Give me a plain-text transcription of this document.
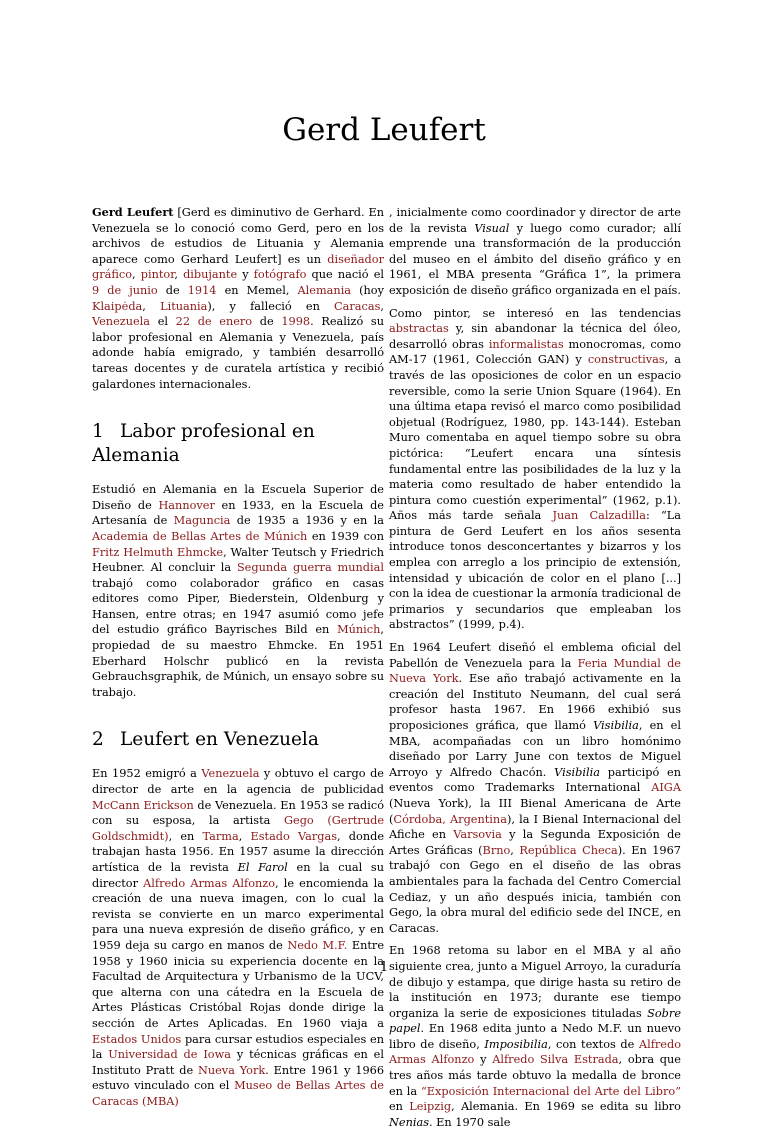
Gerd Leufert

Gerd Leufert [Gerd es diminutivo de Gerhard. En Venezuela se lo conoció como Gerd, pero en los archivos de estudios de Lituania y Alemania aparece como Gerhard Leufert] es un diseñador gráfico, pintor, dibujante y fotógrafo que nació el 9 de junio de 1914 en Memel, Alemania (hoy Klaipėda, Lituania), y falleció en Caracas, Venezuela el 22 de enero de 1998. Realizó su labor profesional en Alemania y Venezuela, país adonde había emigrado, y también desarrolló tareas docentes y de curatela artística y recibió galardones internacionales.

1 Labor profesional en Alemania

Estudió en Alemania en la Escuela Superior de Diseño de Hannover en 1933, en la Escuela de Artesanía de Maguncia de 1935 a 1936 y en la Academia de Bellas Artes de Múnich en 1939 con Fritz Helmuth Ehmcke, Walter Teutsch y Friedrich Heubner. Al concluir la Segunda guerra mundial trabajó como colaborador gráfico en casas editores como Piper, Biederstein, Oldenburg y Hansen, entre otras; en 1947 asumió como jefe del estudio gráfico Bayrisches Bild en Múnich, propiedad de su maestro Ehmcke. En 1951 Eberhard Holschr publicó en la revista Gebrauchsgraphik, de Múnich, un ensayo sobre su trabajo.

2 Leufert en Venezuela

En 1952 emigró a Venezuela y obtuvo el cargo de director de arte en la agencia de publicidad McCann Erickson de Venezuela. En 1953 se radicó con su esposa, la artista Gego (Gertrude Goldschmidt), en Tarma, Estado Vargas, donde trabajan hasta 1956. En 1957 asume la dirección artística de la revista El Farol en la cual su director Alfredo Armas Alfonzo, le encomienda la creación de una nueva imagen, con lo cual la revista se convierte en un marco experimental para una nueva expresión de diseño gráfico, y en 1959 deja su cargo en manos de Nedo M.F. Entre 1958 y 1960 inicia su experiencia docente en la Facultad de Arquitectura y Urbanismo de la UCV, que alterna con una cátedra en la Escuela de Artes Plásticas Cristóbal Rojas donde dirige la sección de Artes Aplicadas. En 1960 viaja a Estados Unidos para cursar estudios especiales en la Universidad de Iowa y técnicas gráficas en el Instituto Pratt de Nueva York. Entre 1961 y 1966 estuvo vinculado con el Museo de Bellas Artes de Caracas (MBA)

, inicialmente como coordinador y director de arte de la revista Visual y luego como curador; allí emprende una transformación de la producción del museo en el ámbito del diseño gráfico y en 1961, el MBA presenta “Gráfica 1”, la primera exposición de diseño gráfico organizada en el país.

Como pintor, se interesó en las tendencias abstractas y, sin abandonar la técnica del óleo, desarrolló obras informalistas monocromas, como AM-17 (1961, Colección GAN) y constructivas, a través de las oposiciones de color en un espacio reversible, como la serie Union Square (1964). En una última etapa revisó el marco como posibilidad objetual (Rodríguez, 1980, pp. 143-144). Esteban Muro comentaba en aquel tiempo sobre su obra pictórica: “Leufert encara una síntesis fundamental entre las posibilidades de la luz y la materia como resultado de haber entendido la pintura como cuestión experimental” (1962, p.1). Años más tarde señala Juan Calzadilla: “La pintura de Gerd Leufert en los años sesenta introduce tonos desconcertantes y bizarros y los emplea con arreglo a los principio de extensión, intensidad y ubicación de color en el plano [...] con la idea de cuestionar la armonía tradicional de primarios y secundarios que empleaban los abstractos” (1999, p.4).

En 1964 Leufert diseñó el emblema oficial del Pabellón de Venezuela para la Feria Mundial de Nueva York. Ese año trabajó activamente en la creación del Instituto Neumann, del cual será profesor hasta 1967. En 1966 exhibió sus proposiciones gráfica, que llamó Visibilia, en el MBA, acompañadas con un libro homónimo diseñado por Larry June con textos de Miguel Arroyo y Alfredo Chacón. Visibilia participó en eventos como Trademarks International AIGA (Nueva York), la III Bienal Americana de Arte (Córdoba, Argentina), la I Bienal Internacional del Afiche en Varsovia y la Segunda Exposición de Artes Gráficas (Brno, República Checa). En 1967 trabajó con Gego en el diseño de las obras ambientales para la fachada del Centro Comercial Cediaz, y un año después inicia, también con Gego, la obra mural del edificio sede del INCE, en Caracas.

En 1968 retoma su labor en el MBA y al año siguiente crea, junto a Miguel Arroyo, la curaduría de dibujo y estampa, que dirige hasta su retiro de la institución en 1973; durante ese tiempo organiza la serie de exposiciones tituladas Sobre papel. En 1968 edita junto a Nedo M.F. un nuevo libro de diseño, Imposibilia, con textos de Alfredo Armas Alfonzo y Alfredo Silva Estrada, obra que tres años más tarde obtuvo la medalla de bronce en la “Exposición Internacional del Arte del Libro” en Leipzig, Alemania. En 1969 se edita su libro Nenias. En 1970 sale

1
